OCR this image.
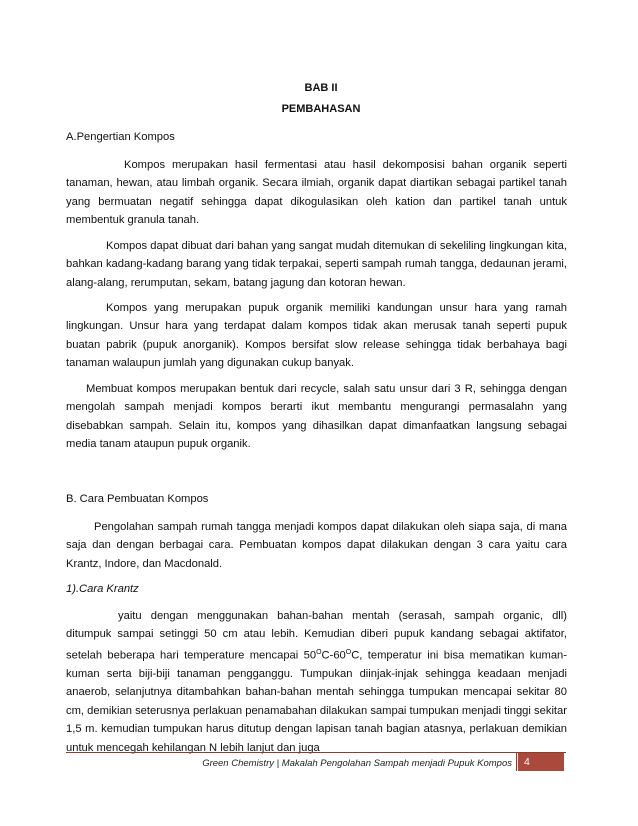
BAB II
PEMBAHASAN
A.Pengertian Kompos

Kompos merupakan hasil fermentasi atau hasil dekomposisi bahan organik seperti tanaman, hewan, atau limbah organik. Secara ilmiah, organik dapat diartikan sebagai partikel tanah yang bermuatan negatif sehingga dapat dikogulasikan oleh kation dan partikel tanah untuk membentuk granula tanah.

Kompos dapat dibuat dari bahan yang sangat mudah ditemukan di sekeliling lingkungan kita, bahkan kadang-kadang barang yang tidak terpakai, seperti sampah rumah tangga, dedaunan jerami, alang-alang, rerumputan, sekam, batang jagung dan kotoran hewan.

Kompos yang merupakan pupuk organik memiliki kandungan unsur hara yang ramah lingkungan. Unsur hara yang terdapat dalam kompos tidak akan merusak tanah seperti pupuk buatan pabrik (pupuk anorganik). Kompos bersifat slow release sehingga tidak berbahaya bagi tanaman walaupun jumlah yang digunakan cukup banyak.

Membuat kompos merupakan bentuk dari recycle, salah satu unsur dari 3 R, sehingga dengan mengolah sampah menjadi kompos berarti ikut membantu mengurangi permasalahn yang disebabkan sampah. Selain itu, kompos yang dihasilkan dapat dimanfaatkan langsung sebagai media tanam ataupun pupuk organik.

B. Cara Pembuatan Kompos

Pengolahan sampah rumah tangga menjadi kompos dapat dilakukan oleh siapa saja, di mana saja dan dengan berbagai cara. Pembuatan kompos dapat dilakukan dengan 3 cara yaitu cara Krantz, Indore, dan Macdonald.

1).Cara Krantz

yaitu dengan menggunakan bahan-bahan mentah (serasah, sampah organic, dll) ditumpuk sampai setinggi 50 cm atau lebih. Kemudian diberi pupuk kandang sebagai aktifator, setelah beberapa hari temperature mencapai $50^OC-60^OC$, temperatur ini bisa mematikan kuman-kuman serta biji-biji tanaman pengganggu. Tumpukan diinjak-injak sehingga keadaan menjadi anaerob, selanjutnya ditambahkan bahan-bahan mentah sehingga tumpukan mencapai sekitar 80 cm, demikian seterusnya perlakuan penamabahan dilakukan sampai tumpukan menjadi tinggi sekitar 1,5 m. kemudian tumpukan harus ditutup dengan lapisan tanah bagian atasnya, perlakuan demikian untuk mencegah kehilangan N lebih lanjut dan juga

Green Chemistry | Makalah Pengolahan Sampah menjadi Pupuk Kompos	4
